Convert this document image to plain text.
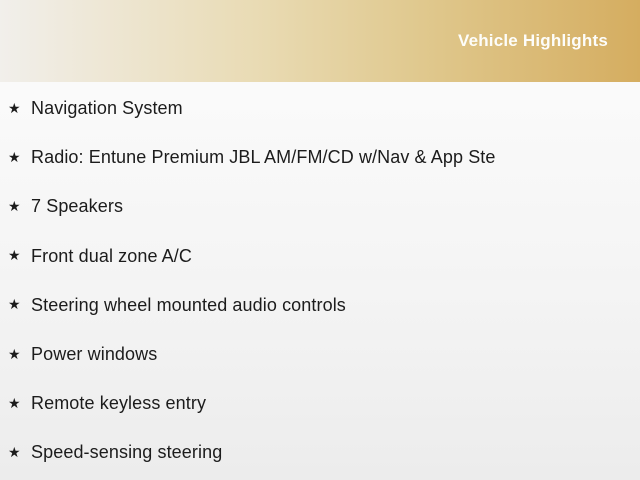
Vehicle Highlights
★ Navigation System
★ Radio: Entune Premium JBL AM/FM/CD w/Nav & App Ste
★ 7 Speakers
★ Front dual zone A/C
★ Steering wheel mounted audio controls
★ Power windows
★ Remote keyless entry
★ Speed-sensing steering
